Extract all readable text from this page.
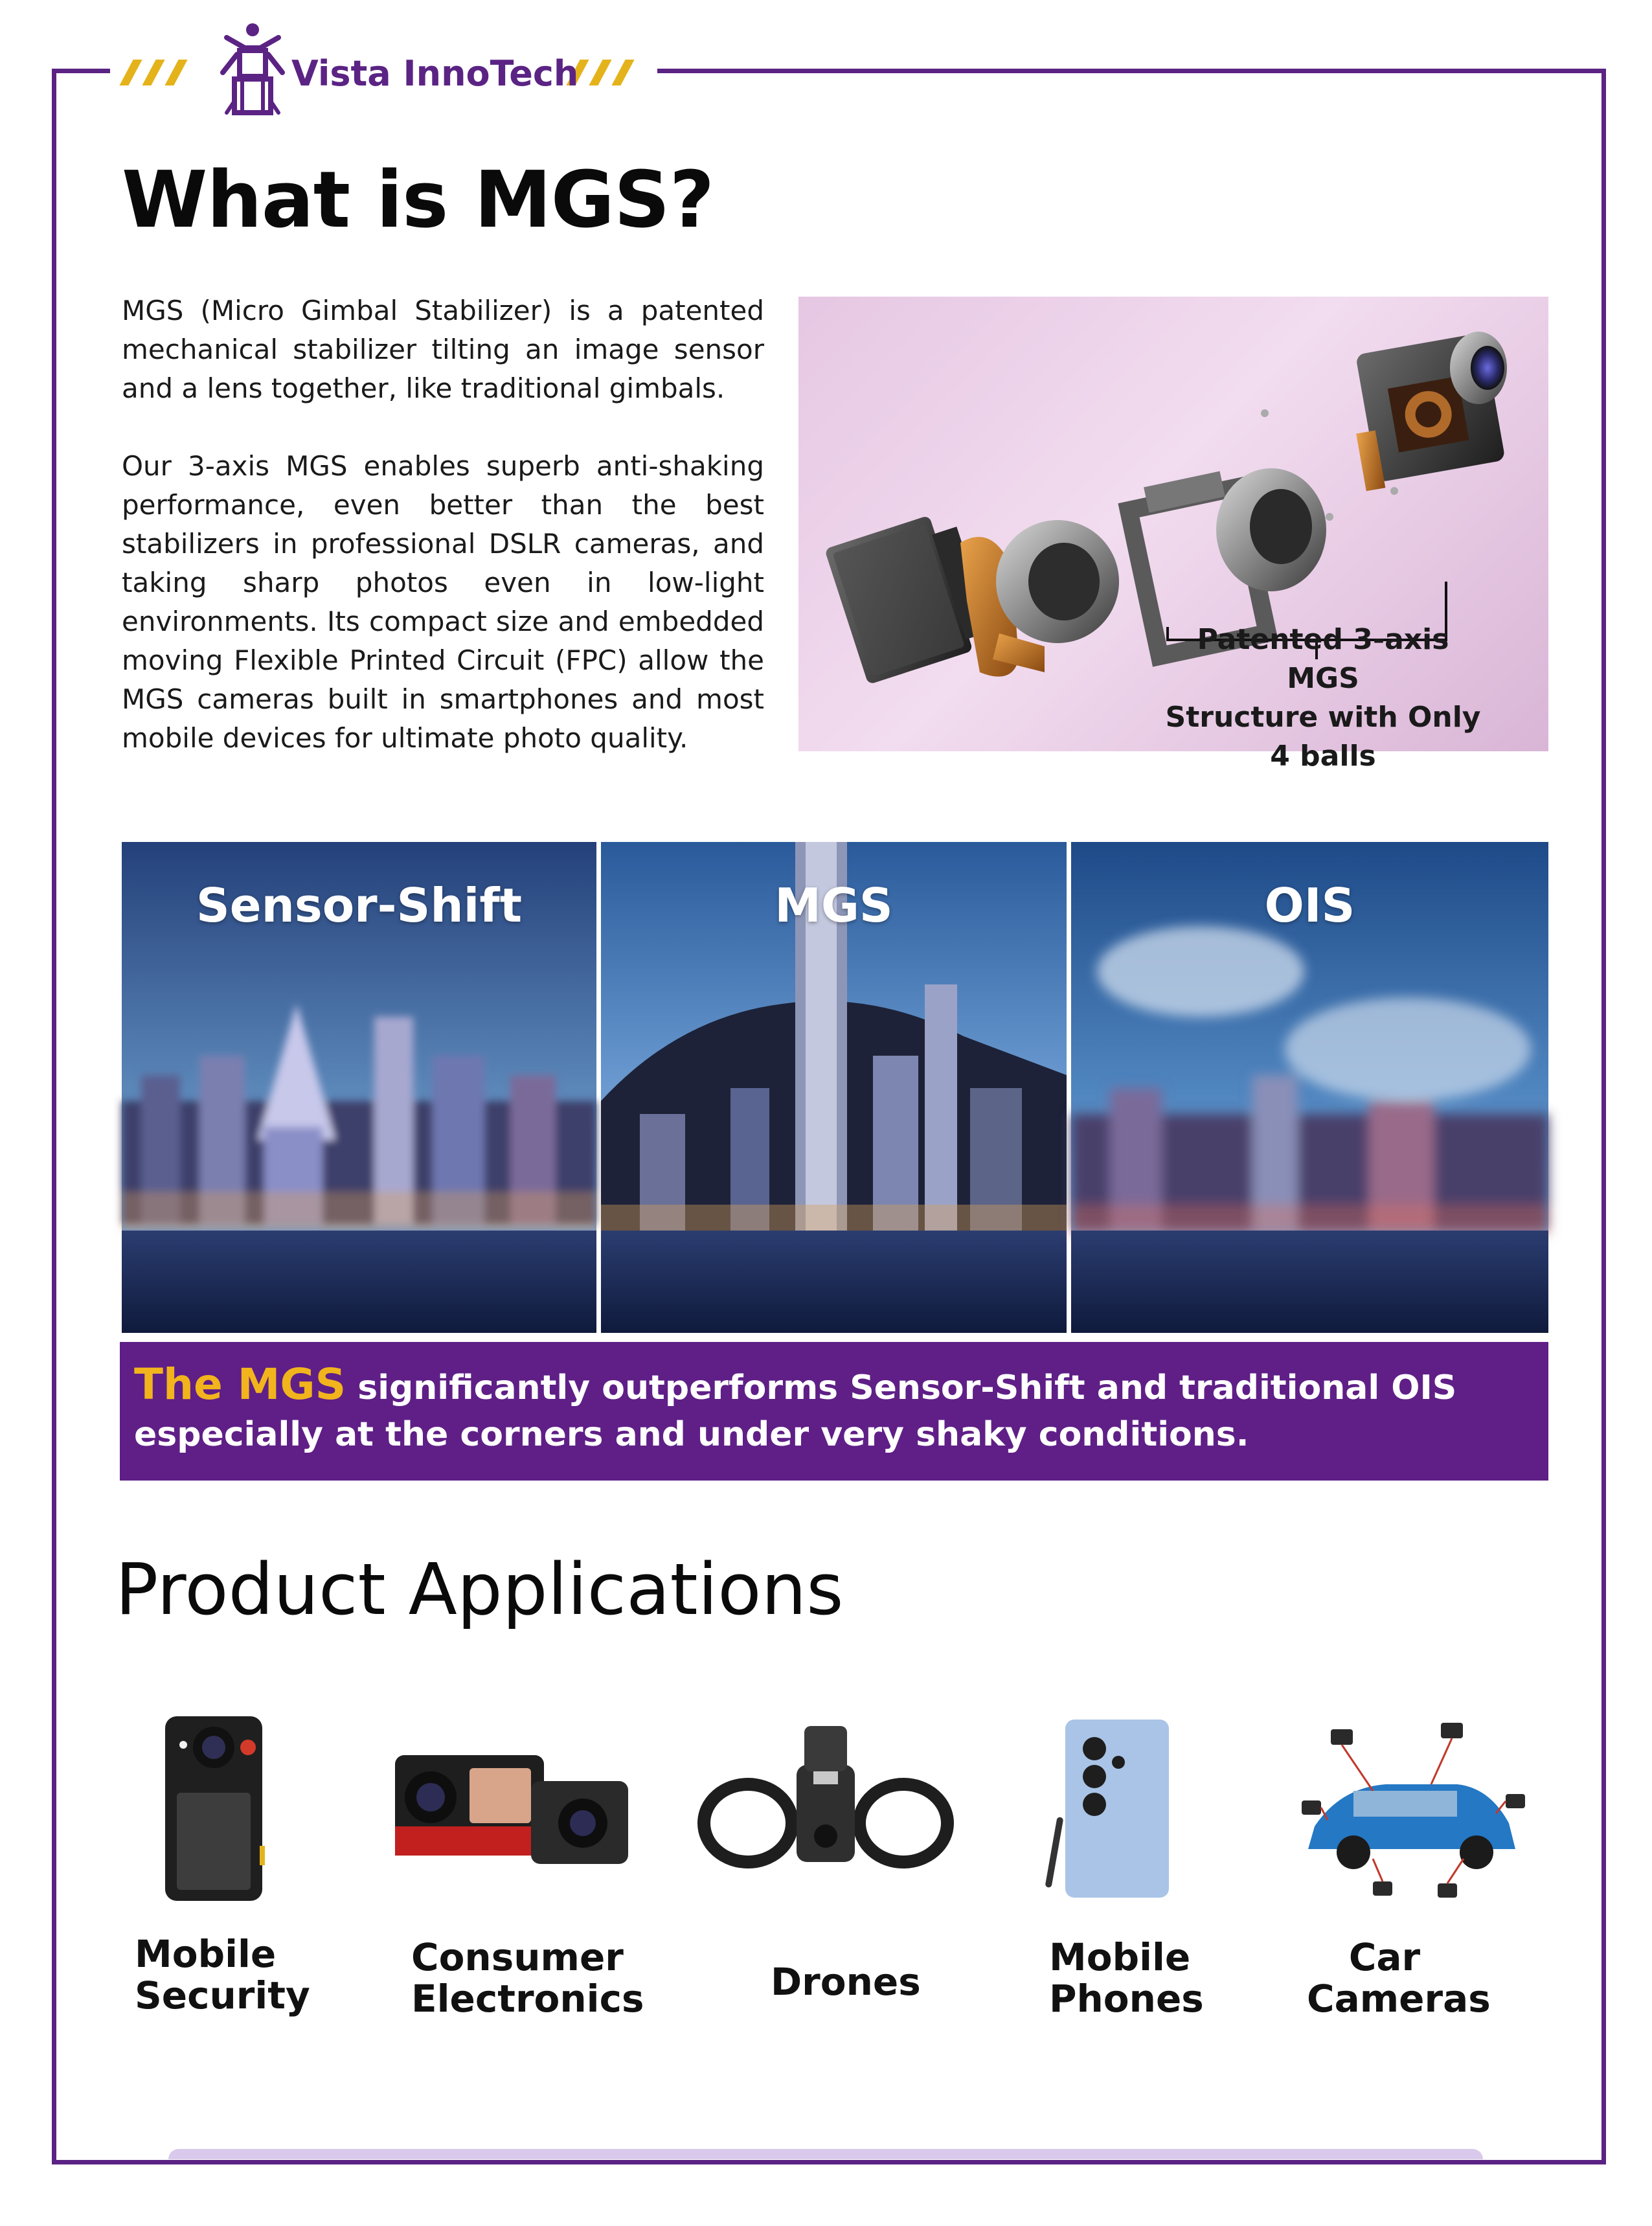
Vista InnoTech
What is MGS?

MGS (Micro Gimbal Stabilizer) is a patented mechanical stabilizer tilting an image sensor and a lens together, like traditional gimbals.

Our 3-axis MGS enables superb anti-shaking performance, even better than the best stabilizers in professional DSLR cameras, and taking sharp photos even in low-light environments. Its compact size and embedded moving Flexible Printed Circuit (FPC) allow the MGS cameras built in smartphones and most mobile devices for ultimate photo quality.

Patented 3-axis MGS
Structure with Only
4 balls
Sensor-Shift	MGS	OIS
The MGS significantly outperforms Sensor-Shift and traditional OIS especially at the corners and under very shaky conditions.
Product Applications
Mobile
Security
Consumer
Electronics	Drones
Mobile
Phones
Car
Cameras
